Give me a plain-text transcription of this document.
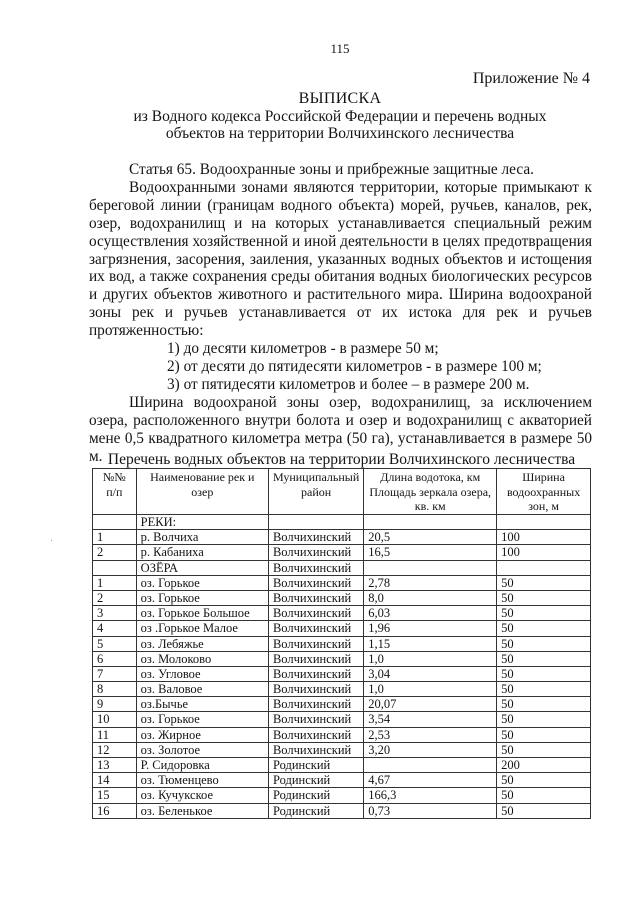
115
Приложение № 4
ВЫПИСКА
из Водного кодекса Российской Федерации и перечень водных
объектов на территории Волчихинского лесничества

Статья 65. Водоохранные зоны и прибрежные защитные леса.

Водоохранными зонами являются территории, которые примыкают к береговой линии (границам водного объекта) морей, ручьев, каналов, рек, озер, водохранилищ и на которых устанавливается специальный режим осуществления хозяйственной и иной деятельности в целях предотвращения загрязнения, засорения, заиления, указанных водных объектов и истощения их вод, а также сохранения среды обитания водных биологических ресурсов и других объектов животного и растительного мира. Ширина водоохраной зоны рек и ручьев устанавливается от их истока для рек и ручьев протяженностью:

1) до десяти километров - в размере 50 м;

2) от десяти до пятидесяти километров - в размере 100 м;

3) от пятидесяти километров и более – в размере 200 м.

Ширина водоохраной зоны озер, водохранилищ, за исключением озера, расположенного внутри болота и озер и водохранилищ с акваторией мене 0,5 квадратного километра метра (50 га), устанавливается в размере 50 м. Перечень водных объектов на территории Волчихинского лесничества
№№ п/п	Наименование рек и озер	Муниципальный район	Длина водотока, км Площадь зеркала озера, кв. км	Ширина водоохранных зон, м
	РЕКИ:			
1	р. Волчиха	Волчихинский	20,5	100
2	р. Кабаниха	Волчихинский	16,5	100
	ОЗЁРА	Волчихинский		
1	оз. Горькое	Волчихинский	2,78	50
2	оз. Горькое	Волчихинский	8,0	50
3	оз. Горькое Большое	Волчихинский	6,03	50
4	оз .Горькое Малое	Волчихинский	1,96	50
5	оз. Лебяжье	Волчихинский	1,15	50
6	оз. Молоково	Волчихинский	1,0	50
7	оз. Угловое	Волчихинский	3,04	50
8	оз. Валовое	Волчихинский	1,0	50
9	оз.Бычье	Волчихинский	20,07	50
10	оз. Горькое	Волчихинский	3,54	50
11	оз. Жирное	Волчихинский	2,53	50
12	оз. Золотое	Волчихинский	3,20	50
13	Р. Сидоровка	Родинский		200
14	оз. Тюменцево	Родинский	4,67	50
15	оз. Кучукское	Родинский	166,3	50
16	оз. Беленькое	Родинский	0,73	50
